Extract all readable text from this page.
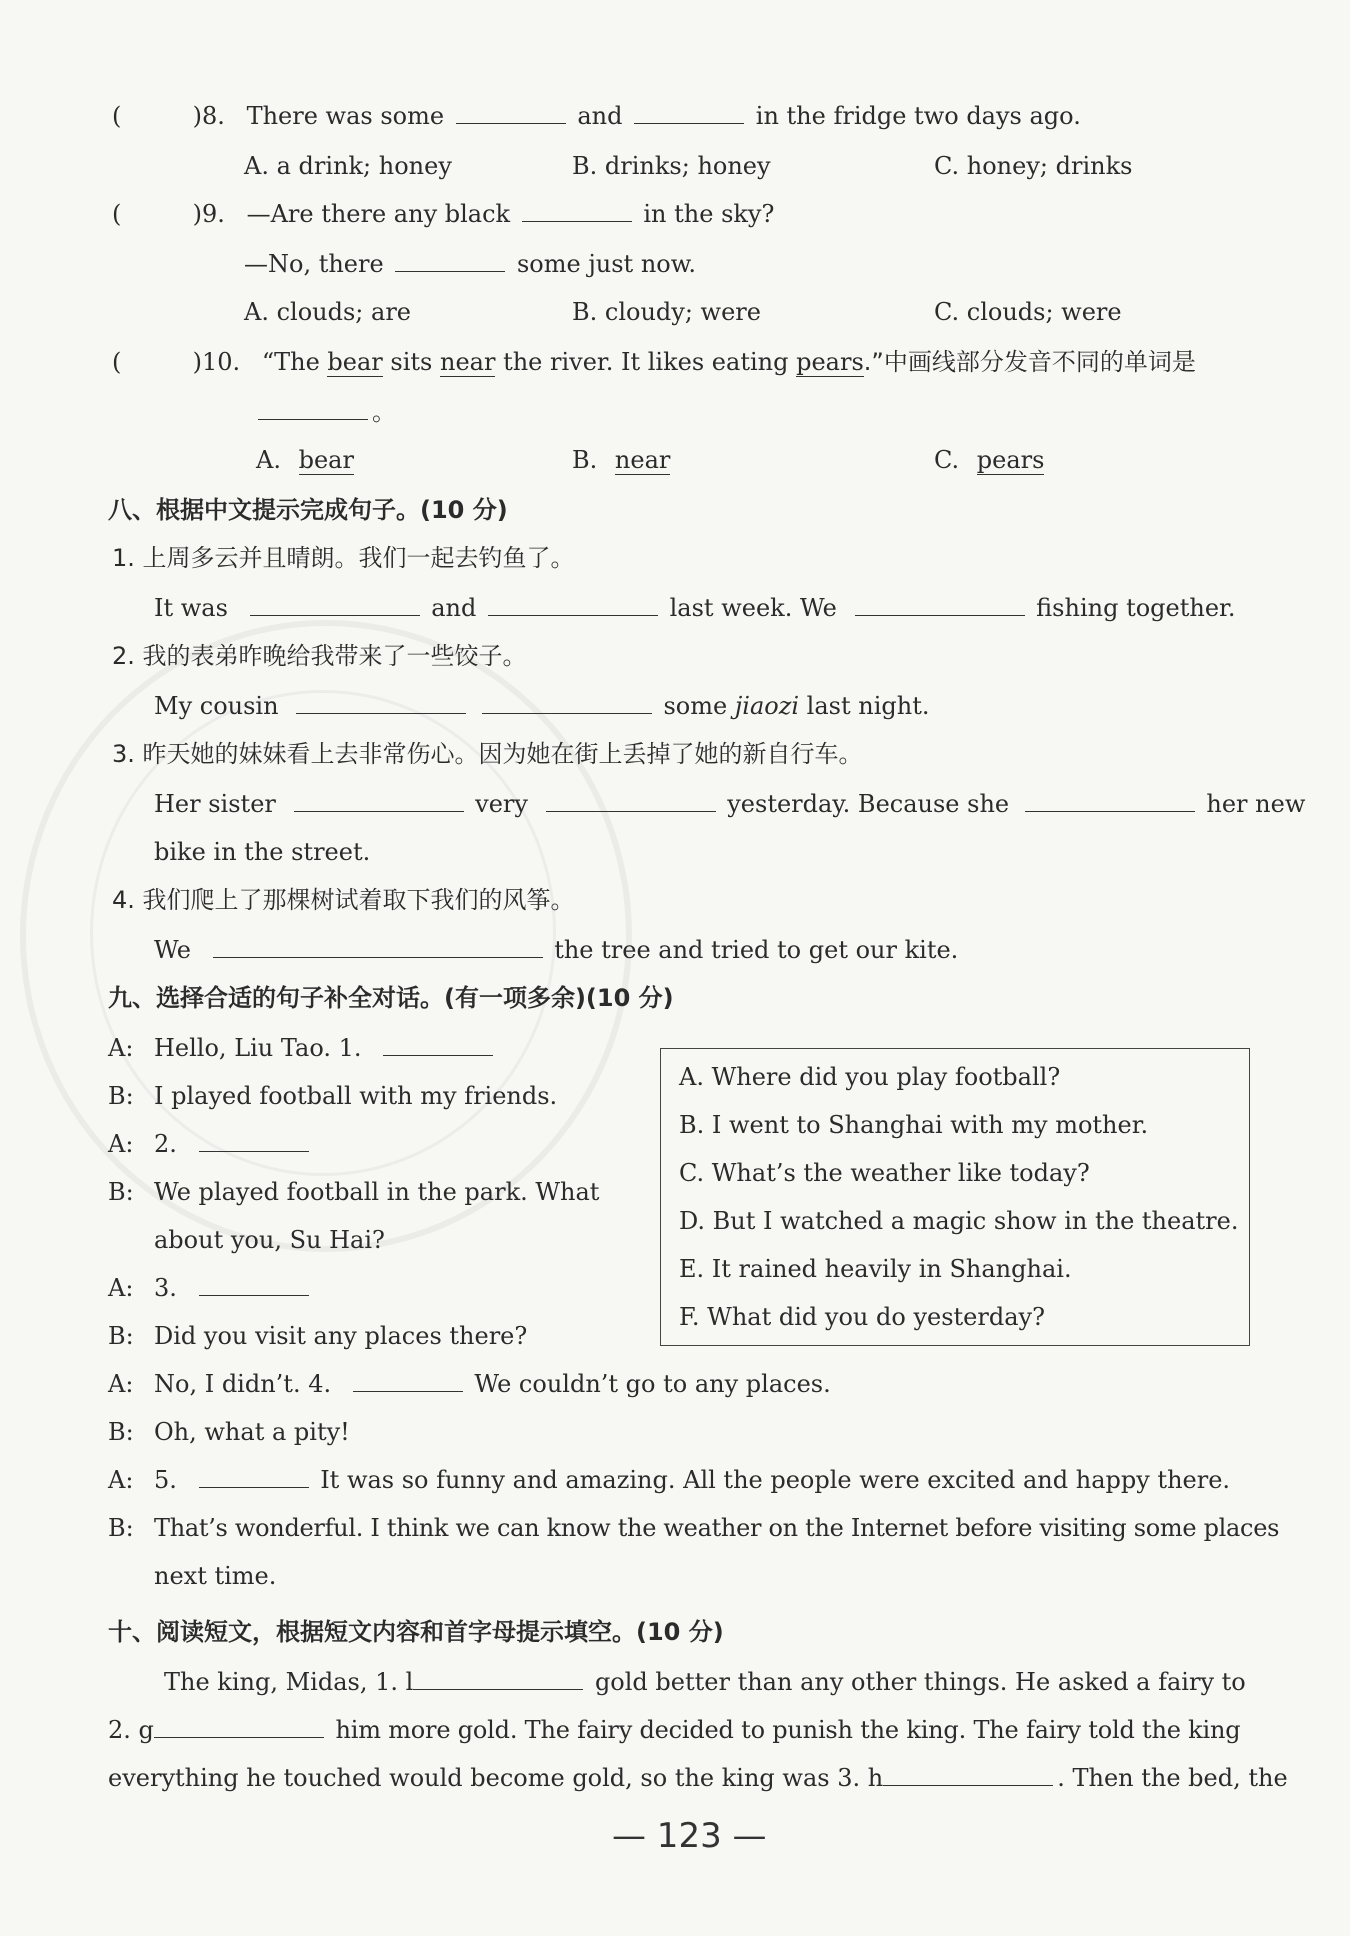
(	)8. There was some	and	in the fridge two days ago.
A. a drink; honey	B. drinks; honey	C. honey; drinks
(	)9. —Are there any black	in the sky?
—No, there	some just now.
A. clouds; are	B. cloudy; were	C. clouds; were
(	)10. “The bear sits near the river. It likes eating pears.”中画线部分发音不同的单词是
。
A. bear	B. near	C. pears
八、根据中文提示完成句子。(10 分)
1. 上周多云并且晴朗。我们一起去钓鱼了。
It was	and	last week. We	fishing together.
2. 我的表弟昨晚给我带来了一些饺子。
My cousin	some jiaozi last night.
3. 昨天她的妹妹看上去非常伤心。因为她在街上丢掉了她的新自行车。
Her sister	very	yesterday. Because she	her new
bike in the street.
4. 我们爬上了那棵树试着取下我们的风筝。
We	the tree and tried to get our kite.
九、选择合适的句子补全对话。(有一项多余)(10 分)
A: Hello, Liu Tao. 1.
B: I played football with my friends.
A: 2.
B: We played football in the park. What
about you, Su Hai?
A: 3.
B: Did you visit any places there?
A: No, I didn’t. 4.	We couldn’t go to any places.
B: Oh, what a pity!
A: 5.	It was so funny and amazing. All the people were excited and happy there.
B: That’s wonderful. I think we can know the weather on the Internet before visiting some places
next time.
A. Where did you play football?
B. I went to Shanghai with my mother.
C. What’s the weather like today?
D. But I watched a magic show in the theatre.
E. It rained heavily in Shanghai.
F. What did you do yesterday?
十、阅读短文，根据短文内容和首字母提示填空。(10 分)
The king, Midas, 1. l	gold better than any other things. He asked a fairy to
2. g	him more gold. The fairy decided to punish the king. The fairy told the king
everything he touched would become gold, so the king was 3. h	. Then the bed, the
— 123 —
